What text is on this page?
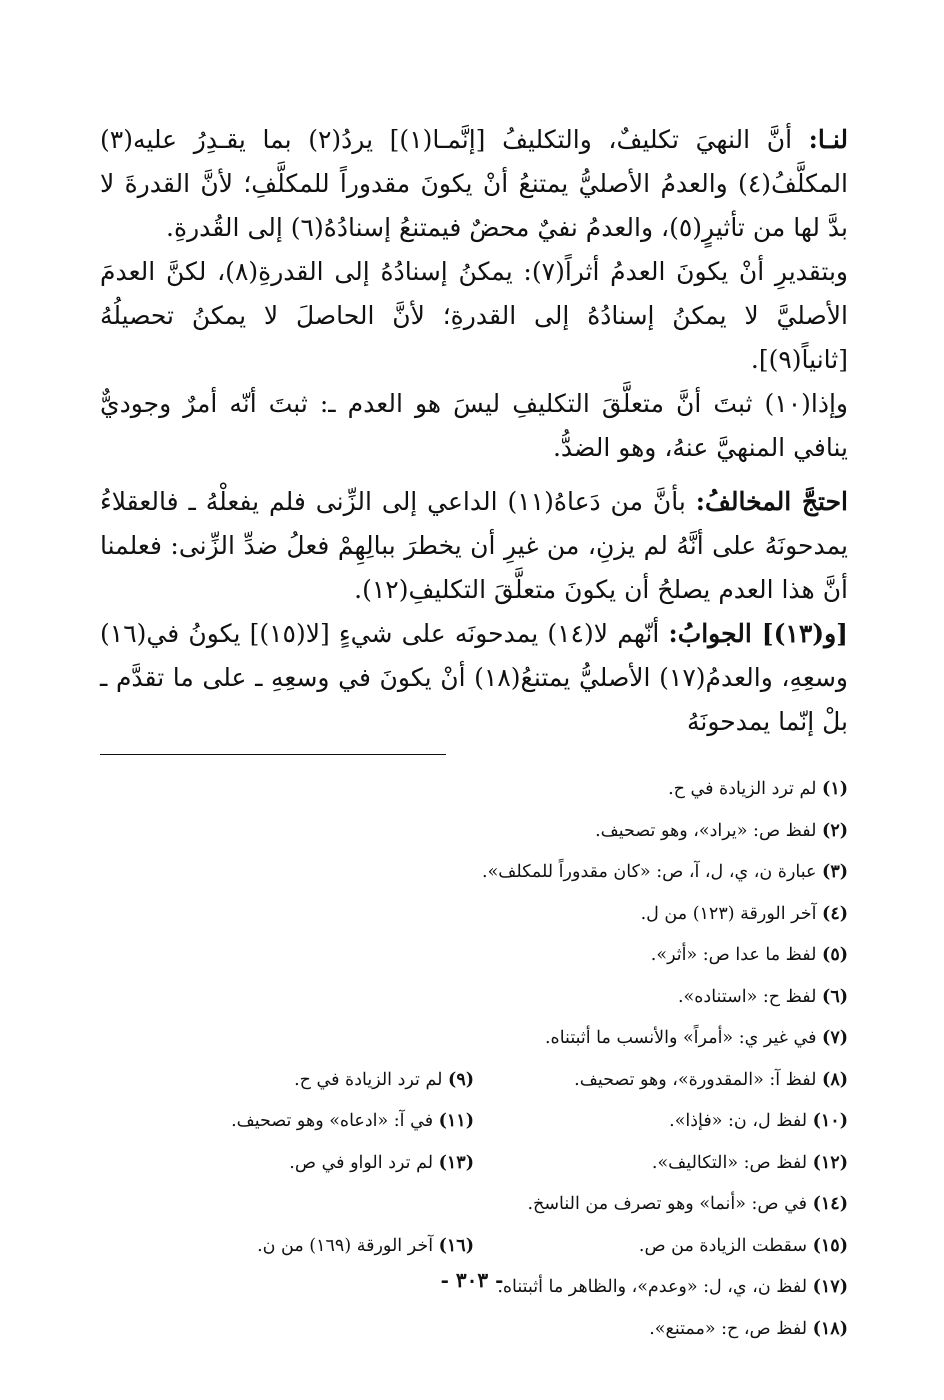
لنـا: أنَّ النهيَ تكليفٌ، والتكليفُ [إنَّمـا(١)] يردُ(٢) بما يقـدِرُ عليه(٣) المكلَّفُ(٤) والعدمُ الأصليُّ يمتنعُ أنْ يكونَ مقدوراً للمكلَّفِ؛ لأنَّ القدرةَ لا بدَّ لها من تأثيرٍ(٥)، والعدمُ نفيٌ محضٌ فيمتنعُ إسنادُهُ(٦) إلى القُدرةِ.

وبتقديرِ أنْ يكونَ العدمُ أثراً(٧): يمكنُ إسنادُهُ إلى القدرةِ(٨)، لكنَّ العدمَ الأصليَّ لا يمكنُ إسنادُهُ إلى القدرةِ؛ لأنَّ الحاصلَ لا يمكنُ تحصيلُهُ [ثانياً(٩)].

وإذا(١٠) ثبتَ أنَّ متعلَّقَ التكليفِ ليسَ هو العدم ـ: ثبتَ أنّه أمرٌ وجوديٌّ ينافي المنهيَّ عنهُ، وهو الضدُّ.

احتجَّ المخالفُ: بأنَّ من دَعاهُ(١١) الداعي إلى الزِّنى فلم يفعلْهُ ـ فالعقلاءُ يمدحونَهُ على أنَّهُ لم يزنِ، من غيرِ أن يخطرَ ببالِهِمْ فعلُ ضدِّ الزِّنى: فعلمنا أنَّ هذا العدم يصلحُ أن يكونَ متعلَّقَ التكليفِ(١٢).

[و(١٣)] الجوابُ: أنّهم لا(١٤) يمدحونَه على شيءٍ [لا(١٥)] يكونُ في(١٦) وسعِهِ، والعدمُ(١٧) الأصليُّ يمتنعُ(١٨) أنْ يكونَ في وسعِهِ ـ على ما تقدَّم ـ بلْ إنّما يمدحونَهُ

(١) لم ترد الزيادة في ح.
(٢) لفظ ص: «يراد»، وهو تصحيف.
(٣) عبارة ن، ي، ل، آ، ص: «كان مقدوراً للمكلف».
(٤) آخر الورقة (١٢٣) من ل.
(٥) لفظ ما عدا ص: «أثر».
(٦) لفظ ح: «استناده».
(٧) في غير ي: «أمراً» والأنسب ما أثبتناه.
(٨) لفظ آ: «المقدورة»، وهو تصحيف.
(٩) لم ترد الزيادة في ح.
(١٠) لفظ ل، ن: «فإذا».
(١١) في آ: «ادعاه» وهو تصحيف.
(١٢) لفظ ص: «التكاليف».
(١٣) لم ترد الواو في ص.
(١٤) في ص: «أنما» وهو تصرف من الناسخ.
(١٥) سقطت الزيادة من ص.
(١٦) آخر الورقة (١٦٩) من ن.
(١٧) لفظ ن، ي، ل: «وعدم»، والظاهر ما أثبتناه.
(١٨) لفظ ص، ح: «ممتنع».
- ٣٠٣ -
